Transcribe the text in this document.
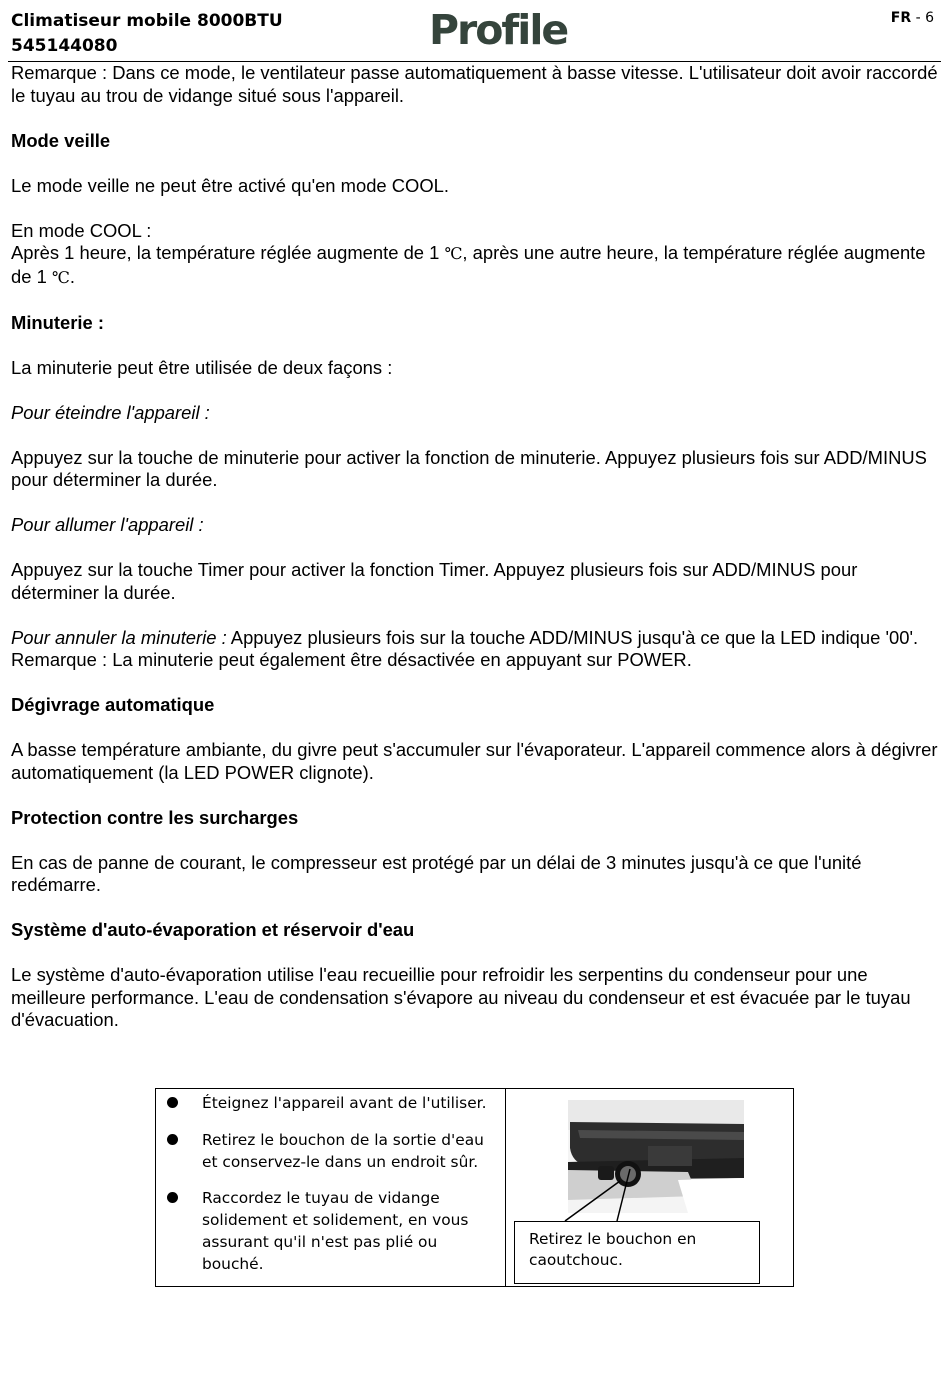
Climatiseur mobile 8000BTU
545144080	Profile	FR - 6

Remarque : Dans ce mode, le ventilateur passe automatiquement à basse vitesse. L'utilisateur doit avoir raccordé le tuyau au trou de vidange situé sous l'appareil.

Mode veille

Le mode veille ne peut être activé qu'en mode COOL.

En mode COOL :
Après 1 heure, la température réglée augmente de 1 ℃, après une autre heure, la température réglée augmente de 1 ℃.

Minuterie :

La minuterie peut être utilisée de deux façons :

Pour éteindre l'appareil :

Appuyez sur la touche de minuterie pour activer la fonction de minuterie. Appuyez plusieurs fois sur ADD/MINUS pour déterminer la durée.

Pour allumer l'appareil :

Appuyez sur la touche Timer pour activer la fonction Timer. Appuyez plusieurs fois sur ADD/MINUS pour déterminer la durée.

Pour annuler la minuterie : Appuyez plusieurs fois sur la touche ADD/MINUS jusqu'à ce que la LED indique '00'. Remarque : La minuterie peut également être désactivée en appuyant sur POWER.

Dégivrage automatique

A basse température ambiante, du givre peut s'accumuler sur l'évaporateur. L'appareil commence alors à dégivrer automatiquement (la LED POWER clignote).

Protection contre les surcharges

En cas de panne de courant, le compresseur est protégé par un délai de 3 minutes jusqu'à ce que l'unité redémarre.

Système d'auto-évaporation et réservoir d'eau

Le système d'auto-évaporation utilise l'eau recueillie pour refroidir les serpentins du condenseur pour une meilleure performance. L'eau de condensation s'évapore au niveau du condenseur et est évacuée par le tuyau d'évacuation.

Éteignez l'appareil avant de l'utiliser.
Retirez le bouchon de la sortie d'eau et conservez-le dans un endroit sûr.
Raccordez le tuyau de vidange solidement et solidement, en vous assurant qu'il n'est pas plié ou bouché.
Retirez le bouchon en caoutchouc.
